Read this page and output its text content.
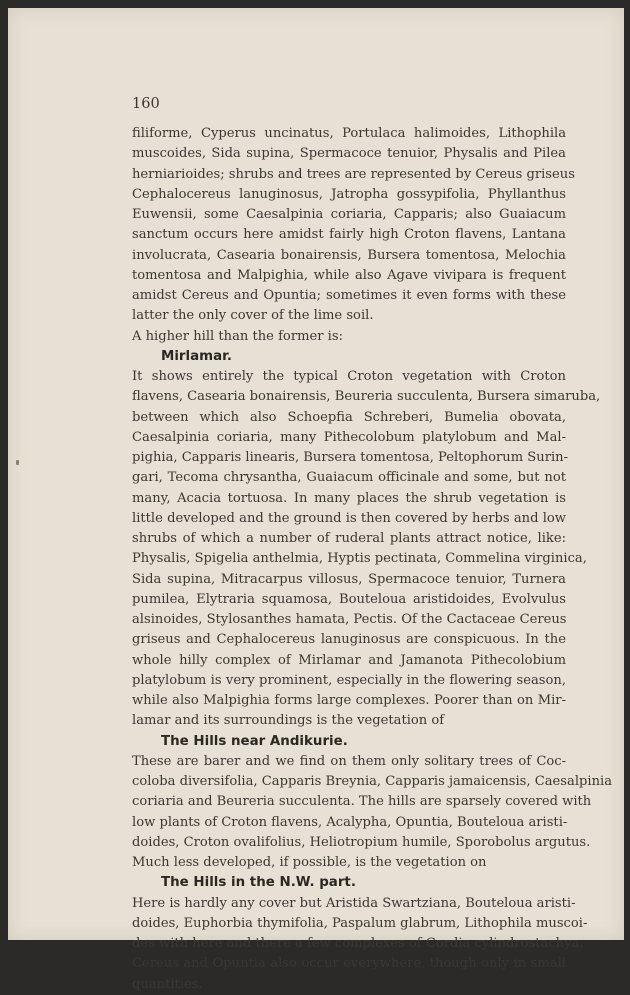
160

filiforme, Cyperus uncinatus, Portulaca halimoides, Lithophila
muscoides, Sida supina, Spermacoce tenuior, Physalis and Pilea
herniarioides; shrubs and trees are represented by Cereus griseus
Cephalocereus lanuginosus, Jatropha gossypifolia, Phyllanthus
Euwensii, some Caesalpinia coriaria, Capparis; also Guaiacum
sanctum occurs here amidst fairly high Croton flavens, Lantana
involucrata, Casearia bonairensis, Bursera tomentosa, Melochia
tomentosa and Malpighia, while also Agave vivipara is frequent
amidst Cereus and Opuntia; sometimes it even forms with these
latter the only cover of the lime soil.
A higher hill than the former is:
Mirlamar.
It shows entirely the typical Croton vegetation with Croton
flavens, Casearia bonairensis, Beureria succulenta, Bursera simaruba,
between which also Schoepfia Schreberi, Bumelia obovata,
Caesalpinia coriaria, many Pithecolobum platylobum and Mal-
pighia, Capparis linearis, Bursera tomentosa, Peltophorum Surin-
gari, Tecoma chrysantha, Guaiacum officinale and some, but not
many, Acacia tortuosa. In many places the shrub vegetation is
little developed and the ground is then covered by herbs and low
shrubs of which a number of ruderal plants attract notice, like:
Physalis, Spigelia anthelmia, Hyptis pectinata, Commelina virginica,
Sida supina, Mitracarpus villosus, Spermacoce tenuior, Turnera
pumilea, Elytraria squamosa, Bouteloua aristidoides, Evolvulus
alsinoides, Stylosanthes hamata, Pectis. Of the Cactaceae Cereus
griseus and Cephalocereus lanuginosus are conspicuous. In the
whole hilly complex of Mirlamar and Jamanota Pithecolobium
platylobum is very prominent, especially in the flowering season,
while also Malpighia forms large complexes. Poorer than on Mir-
lamar and its surroundings is the vegetation of
The Hills near Andikurie.
These are barer and we find on them only solitary trees of Coc-
coloba diversifolia, Capparis Breynia, Capparis jamaicensis, Caesalpinia
coriaria and Beureria succulenta. The hills are sparsely covered with
low plants of Croton flavens, Acalypha, Opuntia, Bouteloua aristi-
doides, Croton ovalifolius, Heliotropium humile, Sporobolus argutus.
Much less developed, if possible, is the vegetation on
The Hills in the N.W. part.
Here is hardly any cover but Aristida Swartziana, Bouteloua aristi-
doides, Euphorbia thymifolia, Paspalum glabrum, Lithophila muscoi-
des with here and there a few complexes of Cordia cylindrostachya.
Cereus and Opuntia also occur everywhere, though only in small
quantities.
